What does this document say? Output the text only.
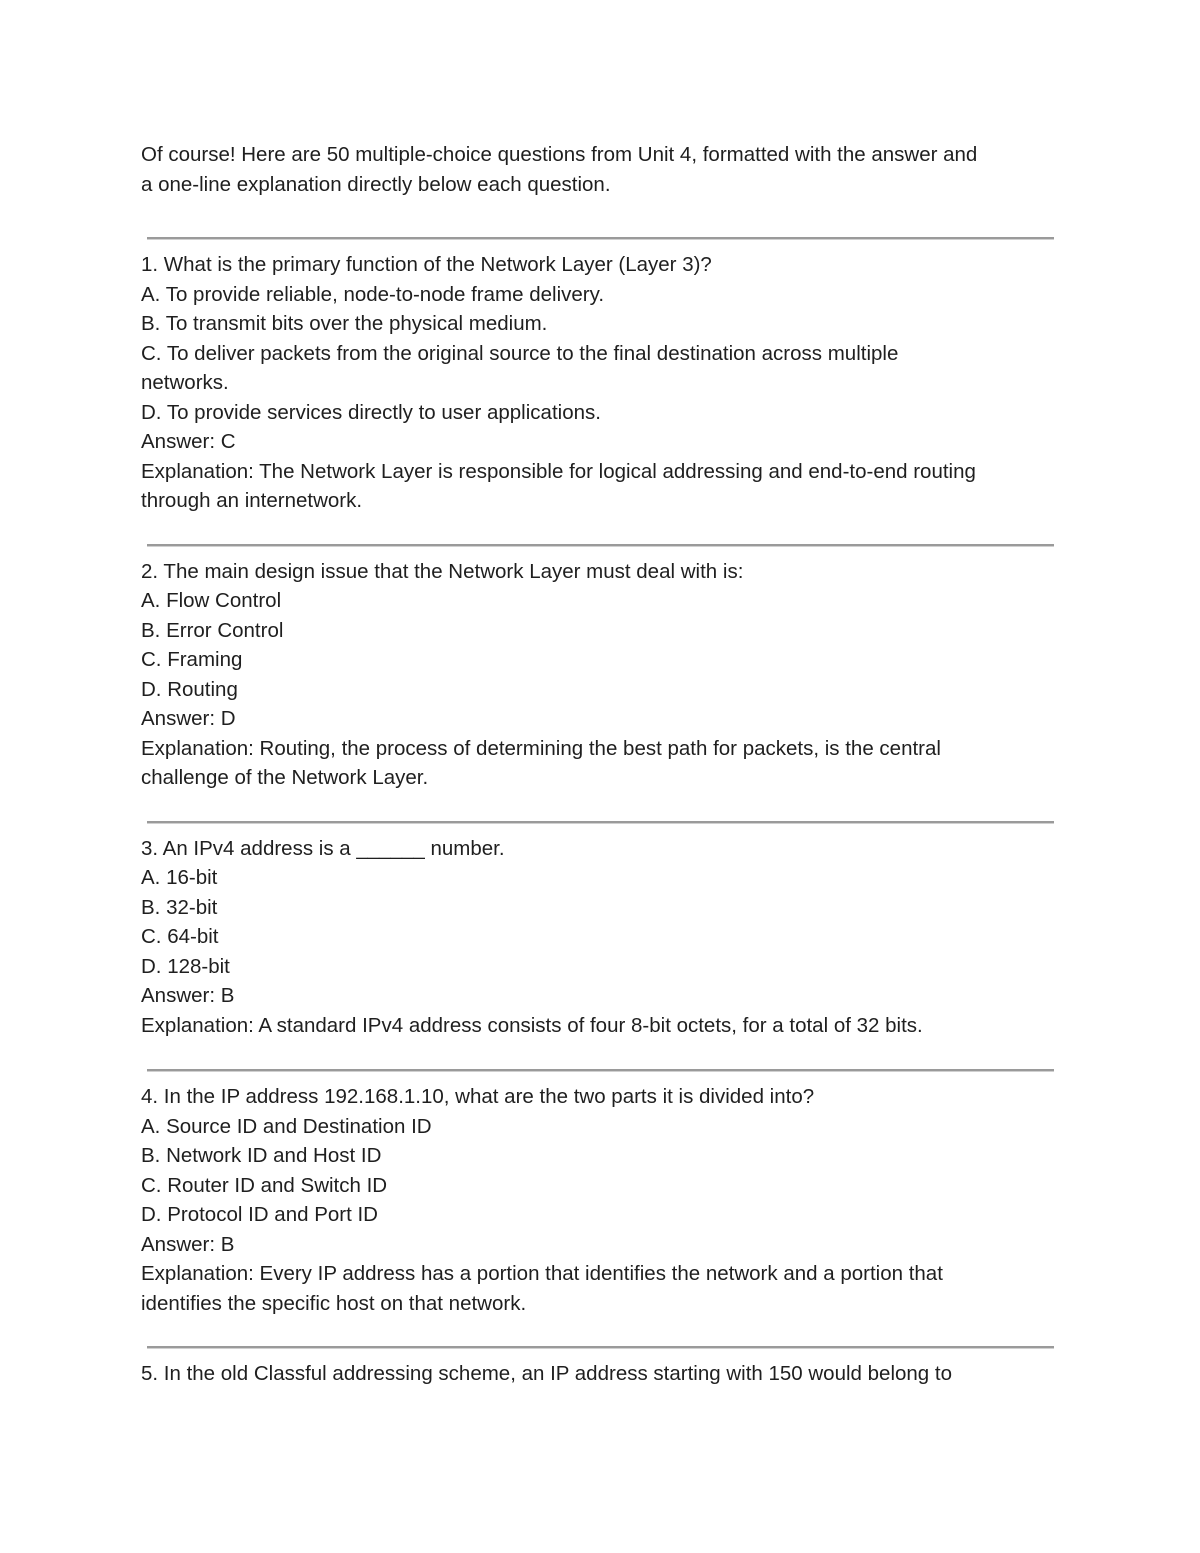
Of course! Here are 50 multiple-choice questions from Unit 4, formatted with the answer and

a one-line explanation directly below each question.

1. What is the primary function of the Network Layer (Layer 3)?

A. To provide reliable, node-to-node frame delivery.

B. To transmit bits over the physical medium.

C. To deliver packets from the original source to the final destination across multiple

networks.

D. To provide services directly to user applications.

Answer: C

Explanation: The Network Layer is responsible for logical addressing and end-to-end routing

through an internetwork.

2. The main design issue that the Network Layer must deal with is:

A. Flow Control

B. Error Control

C. Framing

D. Routing

Answer: D

Explanation: Routing, the process of determining the best path for packets, is the central

challenge of the Network Layer.

3. An IPv4 address is a ______ number.

A. 16-bit

B. 32-bit

C. 64-bit

D. 128-bit

Answer: B

Explanation: A standard IPv4 address consists of four 8-bit octets, for a total of 32 bits.

4. In the IP address 192.168.1.10, what are the two parts it is divided into?

A. Source ID and Destination ID

B. Network ID and Host ID

C. Router ID and Switch ID

D. Protocol ID and Port ID

Answer: B

Explanation: Every IP address has a portion that identifies the network and a portion that

identifies the specific host on that network.

5. In the old Classful addressing scheme, an IP address starting with 150 would belong to
